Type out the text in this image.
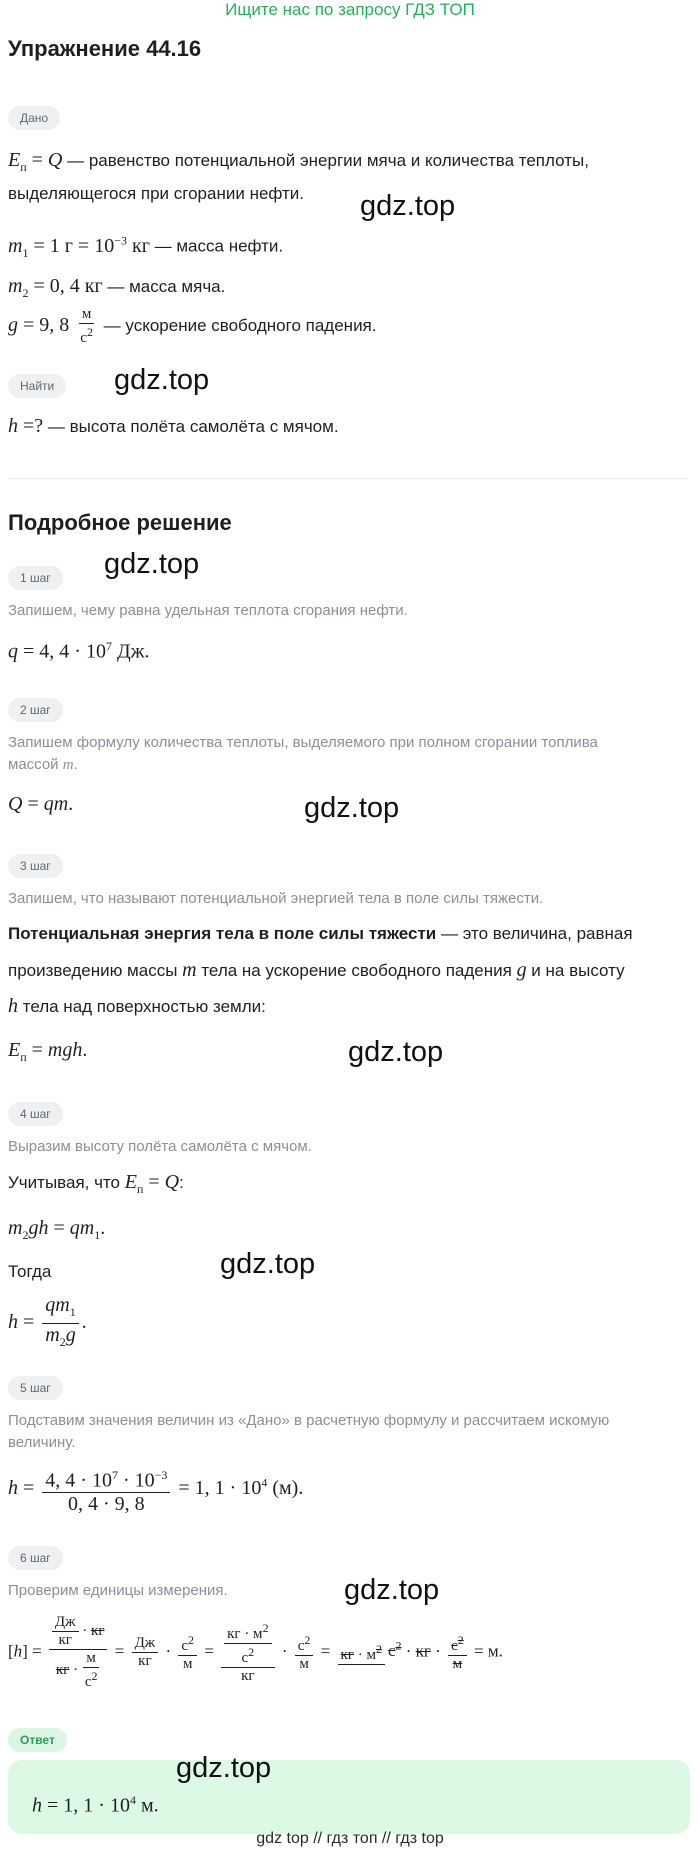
Ищите нас по запросу ГДЗ ТОП
Упражнение 44.16
Дано
$E_п = Q$ — равенство потенциальной энергии мяча и количества теплоты,
выделяющегося при сгорании нефти.
$m_1 = 1$ $г = 10^{-3}$ кг — масса нефти.
$m_2 = 0$, 4 кг — масса мяча.
g = 9, $8 \frac{м}{с^2}$ — ускорение свободного падения.
Найти
h =? — высота полёта самолёта с мячом.
Подробное решение
1 шаг
Запишем, чему равна удельная теплота сгорания нефти.
q = 4, $4 \cdot 10^7$ Дж.
2 шаг
Запишем формулу количества теплоты, выделяемого при полном сгорании топлива
массой m.
Q = qm.
3 шаг
Запишем, что называют потенциальной энергией тела в поле силы тяжести.
Потенциальная энергия тела в поле силы тяжести — это величина, равная
произведению массы m тела на ускорение свободного падения g и на высоту
h тела над поверхностью земли:
$E_п$ = mgh.
4 шаг
Выразим высоту полёта самолёта с мячом.
Учитывая, что $E_п = Q$:
$m_2gh = qm_1$.
Тогда
$h = \frac{qm_1}{m_2g}$ .
5 шаг
Подставим значения величин из «Дано» в расчетную формулу и рассчитаем искомую
величину.
$h = \frac{4, 4 \cdot 10^7 \cdot 10^{-3}}{0, 4 \cdot 9, 8} = 1$, $1 \cdot 10^4$ (м).
6 шаг
Проверим единицы измерения.
$[h] = \frac{\frac{Дж}{кг} \cdot кг}{кг \cdot \frac{м}{с^2}} = \frac{Дж}{кг} \cdot \frac{с^2}{м} = \frac{\frac{кг \cdot м^2}{с^2}}{кг} \cdot \frac{с^2}{м}$ = кг · $м^2$ $с^2$ · кг · $\frac{с^2}{м} = м$.
Ответ
h = 1, $1 \cdot 10^4$ м.
gdz.top
gdz.top
gdz.top
gdz.top
gdz.top
gdz.top
gdz.top
gdz.top
gdz top // гдз топ // гдз top
